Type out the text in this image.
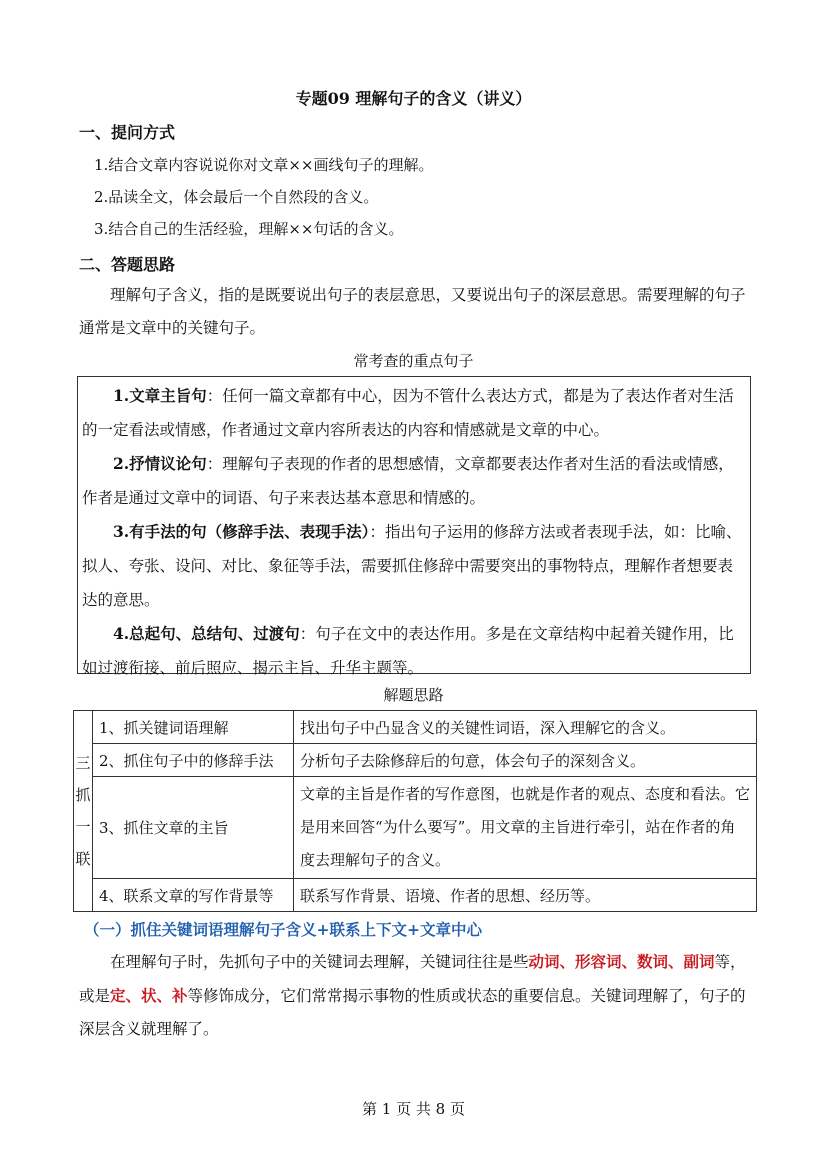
专题09 理解句子的含义（讲义）
一、提问方式
1.结合文章内容说说你对文章××画线句子的理解。
2.品读全文，体会最后一个自然段的含义。
3.结合自己的生活经验，理解××句话的含义。
二、答题思路
理解句子含义，指的是既要说出句子的表层意思，又要说出句子的深层意思。需要理解的句子通常是文章中的关键句子。
常考查的重点句子

1.文章主旨句：任何一篇文章都有中心，因为不管什么表达方式，都是为了表达作者对生活的一定看法或情感，作者通过文章内容所表达的内容和情感就是文章的中心。

2.抒情议论句：理解句子表现的作者的思想感情，文章都要表达作者对生活的看法或情感，作者是通过文章中的词语、句子来表达基本意思和情感的。

3.有手法的句（修辞手法、表现手法）：指出句子运用的修辞方法或者表现手法，如：比喻、拟人、夸张、设问、对比、象征等手法，需要抓住修辞中需要突出的事物特点，理解作者想要表达的意思。

4.总起句、总结句、过渡句：句子在文中的表达作用。多是在文章结构中起着关键作用，比如过渡衔接、前后照应、揭示主旨、升华主题等。

解题思路
三
抓
一
联	1、抓关键词语理解	找出句子中凸显含义的关键性词语，深入理解它的含义。
	2、抓住句子中的修辞手法	分析句子去除修辞后的句意，体会句子的深刻含义。
	3、抓住文章的主旨	文章的主旨是作者的写作意图，也就是作者的观点、态度和看法。它是用来回答“为什么要写”。用文章的主旨进行牵引，站在作者的角度去理解句子的含义。
	4、联系文章的写作背景等	联系写作背景、语境、作者的思想、经历等。
（一）抓住关键词语理解句子含义+联系上下文+文章中心
在理解句子时，先抓句子中的关键词去理解，关键词往往是些动词、形容词、数词、副词等，或是定、状、补等修饰成分，它们常常揭示事物的性质或状态的重要信息。关键词理解了，句子的深层含义就理解了。
第 1 页 共 8 页
